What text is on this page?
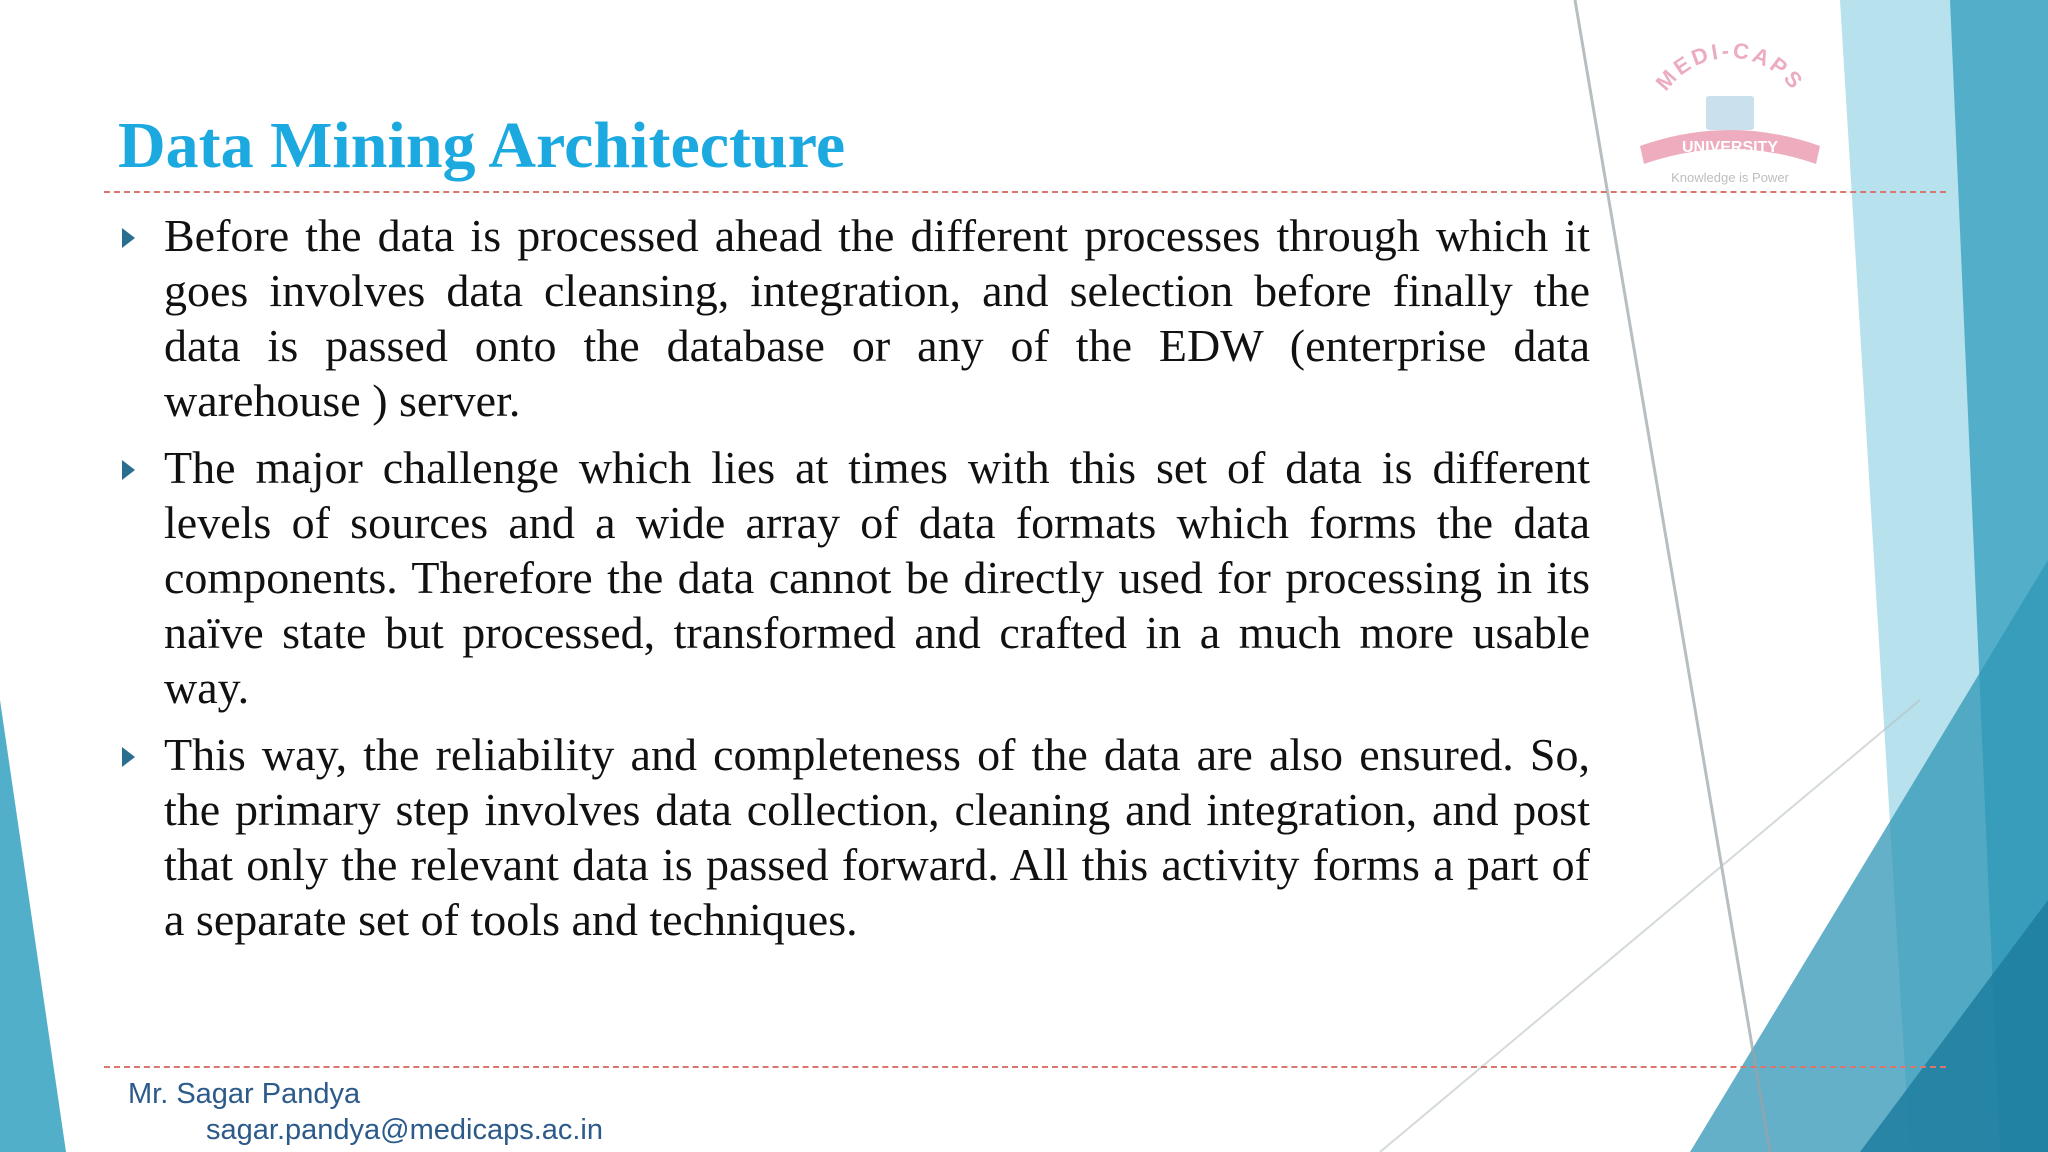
MEDI-CAPS
UNIVERSITY
Knowledge is Power
Data Mining Architecture
Before the data is processed ahead the different processes through which it goes involves data cleansing, integration, and selection before finally the data is passed onto the database or any of the EDW (enterprise data warehouse ) server.
The major challenge which lies at times with this set of data is different levels of sources and a wide array of data formats which forms the data components. Therefore the data cannot be directly used for processing in its naïve state but processed, transformed and crafted in a much more usable way.
This way, the reliability and completeness of the data are also ensured. So, the primary step involves data collection, cleaning and integration, and post that only the relevant data is passed forward. All this activity forms a part of a separate set of tools and techniques.
Mr. Sagar Pandya
sagar.pandya@medicaps.ac.in
